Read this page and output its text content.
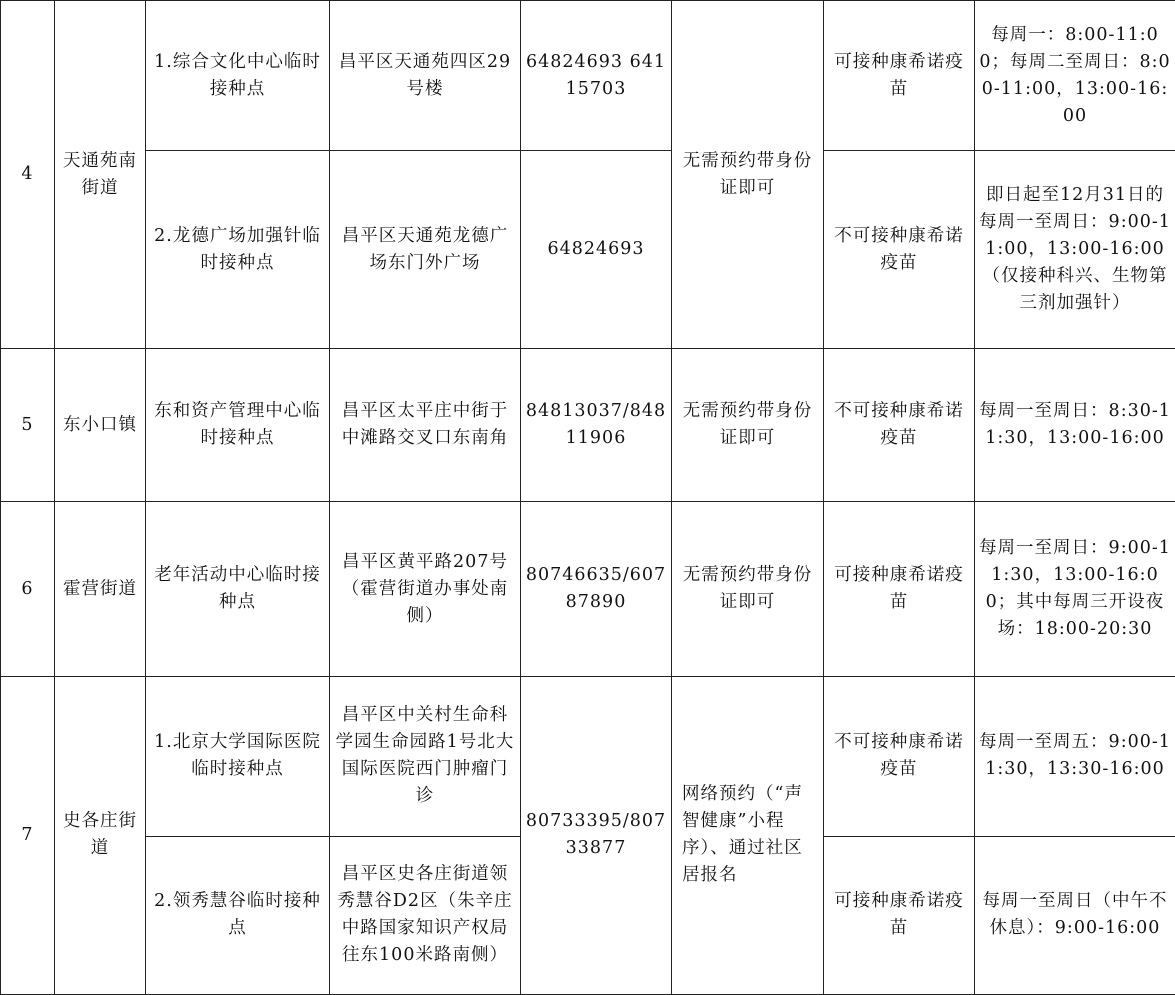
4	天通苑南街道	1.综合文化中心临时接种点	昌平区天通苑四区29号楼	64824693 64115703	无需预约带身份证即可	可接种康希诺疫苗	每周一：8:00-11:00；每周二至周日：8:00-11:00，13:00-16:00
		2.龙德广场加强针临时接种点	昌平区天通苑龙德广场东门外广场	64824693		不可接种康希诺疫苗	即日起至12月31日的每周一至周日：9:00-11:00，13:00-16:00（仅接种科兴、生物第三剂加强针）
5	东小口镇	东和资产管理中心临时接种点	昌平区太平庄中街于中滩路交叉口东南角	84813037/84811906	无需预约带身份证即可	不可接种康希诺疫苗	每周一至周日：8:30-11:30，13:00-16:00
6	霍营街道	老年活动中心临时接种点	昌平区黄平路207号（霍营街道办事处南侧）	80746635/60787890	无需预约带身份证即可	可接种康希诺疫苗	每周一至周日：9:00-11:30，13:00-16:00；其中每周三开设夜场：18:00-20:30
7	史各庄街道	1.北京大学国际医院临时接种点	昌平区中关村生命科学园生命园路1号北大国际医院西门肿瘤门诊	80733395/80733877	网络预约（“声智健康”小程序）、通过社区居报名	不可接种康希诺疫苗	每周一至周五：9:00-11:30，13:30-16:00
		2.领秀慧谷临时接种点	昌平区史各庄街道领秀慧谷D2区（朱辛庄中路国家知识产权局往东100米路南侧）			可接种康希诺疫苗	每周一至周日（中午不休息）：9:00-16:00
